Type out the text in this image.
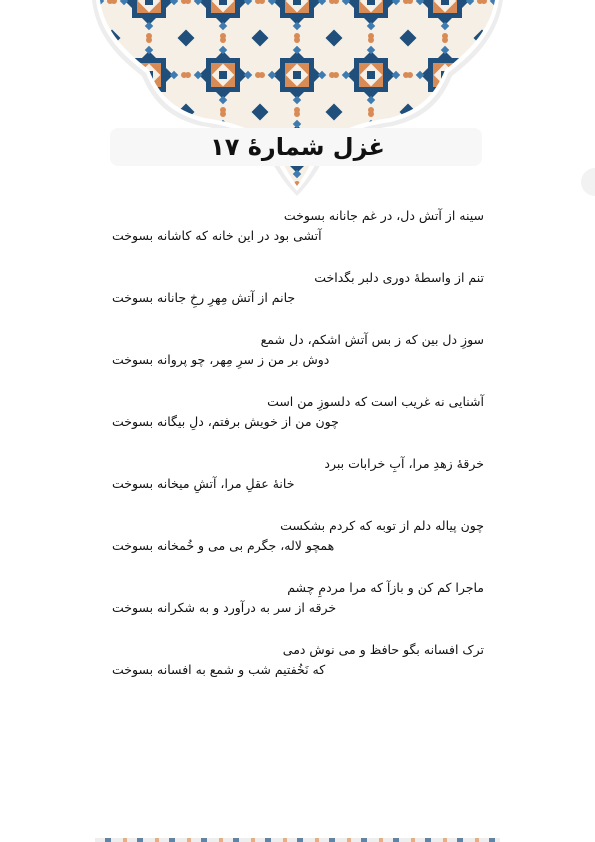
غزل شمارۀ ۱۷
سینه از آتش دل، در غم جانانه بسوخت
آتشی بود در این خانه که کاشانه بسوخت
تنم از واسطۀ دوری دلبر بگداخت
جانم از آتش مِهرِ رخِ جانانه بسوخت
سوزِ دل بین که ز بس آتش اشکم، دل شمع
دوش بر من ز سرِ مِهر، چو پروانه بسوخت
آشنایی نه غریب است که دلسوزِ من است
چون من از خویش برفتم، دلِ بیگانه بسوخت
خرقۀ زهدِ مرا، آبِ خرابات ببرد
خانۀ عقلِ مرا، آتشِ میخانه بسوخت
چون پیاله دلم از توبه که کردم بشکست
همچو لاله، جگرم بی می و خُمخانه بسوخت
ماجرا کم کن و بازآ که مرا مردمِ چشم
خرقه از سر به درآورد و به شکرانه بسوخت
ترک افسانه بگو حافظ و می نوش دمی
که نَخُفتیم شب و شمع به افسانه بسوخت
